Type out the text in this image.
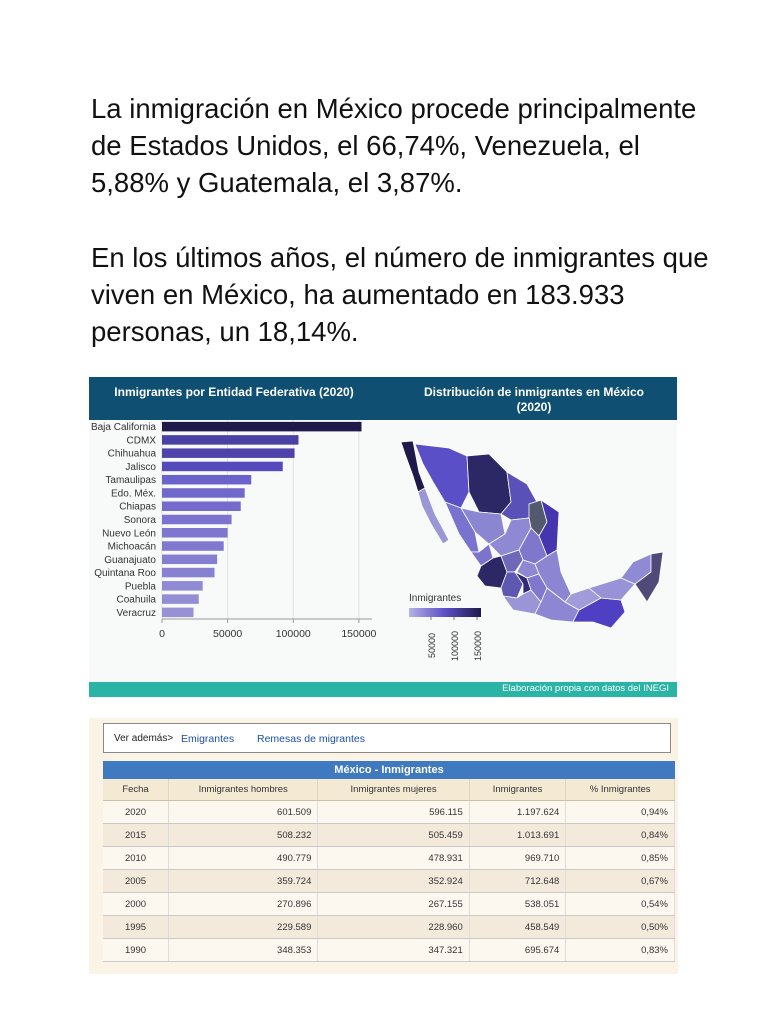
La inmigración en México procede principalmente de Estados Unidos, el 66,74%, Venezuela, el 5,88% y Guatemala, el 3,87%.
En los últimos años, el número de inmigrantes que viven en México, ha aumentado en 183.933 personas, un 18,14%.
Inmigrantes por Entidad Federativa (2020)	Distribución de inmigrantes en México (2020)
Baja California
CDMX
Chihuahua
Jalisco
Tamaulipas
Edo. Méx.
Chiapas
Sonora
Nuevo León
Michoacán
Guanajuato
Quintana Roo
Puebla
Coahuila
Veracruz
0	50000	100000	150000
Inmigrantes
50000 100000 150000
Elaboración propia con datos del INEGI
Ver además> Emigrantes Remesas de migrantes
México - Inmigrantes
Fecha	Inmigrantes hombres	Inmigrantes mujeres	Inmigrantes	% Inmigrantes
2020	601.509	596.115	1.197.624	0,94%
2015	508.232	505.459	1.013.691	0,84%
2010	490.779	478.931	969.710	0,85%
2005	359.724	352.924	712.648	0,67%
2000	270.896	267.155	538.051	0,54%
1995	229.589	228.960	458.549	0,50%
1990	348.353	347.321	695.674	0,83%
